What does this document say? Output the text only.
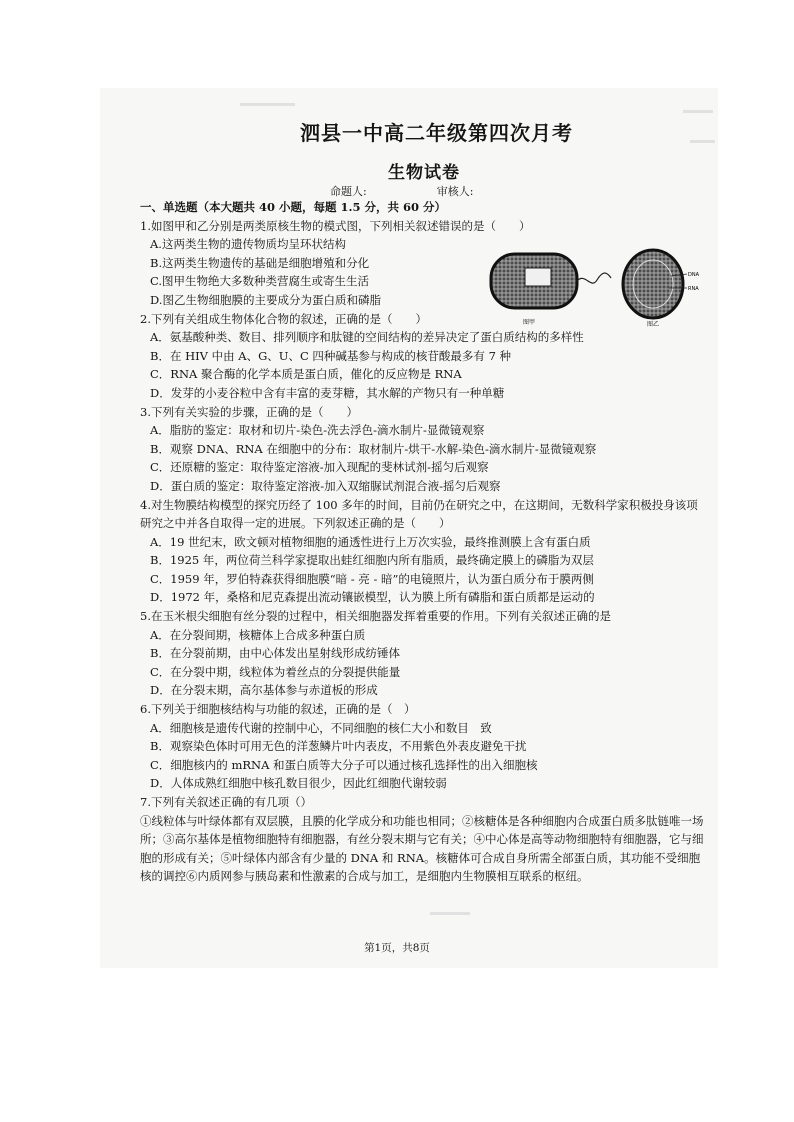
泗县一中高二年级第四次月考
生物试卷
命题人:	审核人:

一、单选题（本大题共 40 小题，每题 1.5 分，共 60 分）

1.如图甲和乙分别是两类原核生物的模式图，下列相关叙述错误的是（　　）

A.这两类生物的遗传物质均呈环状结构

B.这两类生物遗传的基础是细胞增殖和分化

C.图甲生物绝大多数种类营腐生或寄生生活

D.图乙生物细胞膜的主要成分为蛋白质和磷脂

2.下列有关组成生物体化合物的叙述，正确的是（　　）

A．氨基酸种类、数目、排列顺序和肽键的空间结构的差异决定了蛋白质结构的多样性

B．在 HIV 中由 A、G、U、C 四种碱基参与构成的核苷酸最多有 7 种

C．RNA 聚合酶的化学本质是蛋白质，催化的反应物是 RNA

D．发芽的小麦谷粒中含有丰富的麦芽糖，其水解的产物只有一种单糖

3.下列有关实验的步骤，正确的是（　　）

A．脂肪的鉴定：取材和切片-染色-洗去浮色-滴水制片-显微镜观察

B．观察 DNA、RNA 在细胞中的分布：取材制片-烘干-水解-染色-滴水制片-显微镜观察

C．还原糖的鉴定：取待鉴定溶液-加入现配的斐林试剂-摇匀后观察

D．蛋白质的鉴定：取待鉴定溶液-加入双缩脲试剂混合液-摇匀后观察

4.对生物膜结构模型的探究历经了 100 多年的时间，目前仍在研究之中，在这期间，无数科学家积极投身该项研究之中并各自取得一定的进展。下列叙述正确的是（　　）

A．19 世纪末，欧文顿对植物细胞的通透性进行上万次实验，最终推测膜上含有蛋白质

B．1925 年，两位荷兰科学家提取出蛙红细胞内所有脂质，最终确定膜上的磷脂为双层

C．1959 年，罗伯特森获得细胞膜“暗 - 亮 - 暗”的电镜照片，认为蛋白质分布于膜两侧

D．1972 年，桑格和尼克森提出流动镶嵌模型，认为膜上所有磷脂和蛋白质都是运动的

5.在玉米根尖细胞有丝分裂的过程中，相关细胞器发挥着重要的作用。下列有关叙述正确的是

A．在分裂间期，核糖体上合成多种蛋白质

B．在分裂前期，由中心体发出星射线形成纺锤体

C．在分裂中期，线粒体为着丝点的分裂提供能量

D．在分裂末期，高尔基体参与赤道板的形成

6.下列关于细胞核结构与功能的叙述，正确的是（　）

A．细胞核是遗传代谢的控制中心，不同细胞的核仁大小和数目　致

B．观察染色体时可用无色的洋葱鳞片叶内表皮，不用紫色外表皮避免干扰

C．细胞核内的 mRNA 和蛋白质等大分子可以通过核孔选择性的出入细胞核

D．人体成熟红细胞中核孔数目很少，因此红细胞代谢较弱

7.下列有关叙述正确的有几项（）

①线粒体与叶绿体都有双层膜，且膜的化学成分和功能也相同；②核糖体是各种细胞内合成蛋白质多肽链唯一场所；③高尔基体是植物细胞特有细胞器，有丝分裂末期与它有关；④中心体是高等动物细胞特有细胞器，它与细胞的形成有关；⑤叶绿体内部含有少量的 DNA 和 RNA。核糖体可合成自身所需全部蛋白质，其功能不受细胞核的调控⑥内质网参与胰岛素和性激素的合成与加工，是细胞内生物膜相互联系的枢纽。

图甲	图乙
DNA
RNA
第1页，共8页
